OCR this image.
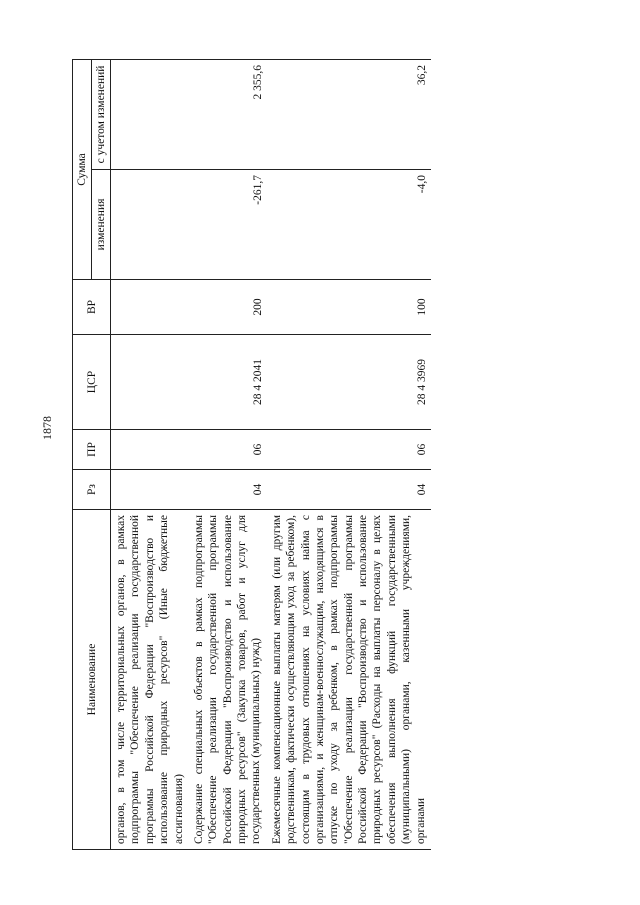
1878
Наименование	Рз	ПР	ЦСР	ВР	Сумма	
					изменения	с учетом изменений
органов, в том числе территориальных органов, в рамках подпрограммы "Обеспечение реализации государственной программы Российской Федерации "Воспроизводство и использование природных ресурсов" (Иные бюджетные ассигнования)						
Содержание специальных объектов в рамках подпрограммы "Обеспечение реализации государственной программы Российской Федерации "Воспроизводство и использование природных ресурсов" (Закупка товаров, работ и услуг для государственных (муниципальных) нужд)	04	06	28 4 2041	200	-261,7	2 355,6
Ежемесячные компенсационные выплаты матерям (или другим родственникам, фактически осуществляющим уход за ребенком), состоящим в трудовых отношениях на условиях найма с организациями, и женщинам-военнослужащим, находящимся в отпуске по уходу за ребенком, в рамках подпрограммы "Обеспечение реализации государственной программы Российской Федерации "Воспроизводство и использование природных ресурсов" (Расходы на выплаты персоналу в целях обеспечения выполнения функций государственными (муниципальными) органами, казенными учреждениями, органами	04	06	28 4 3969	100	-4,0	36,2
